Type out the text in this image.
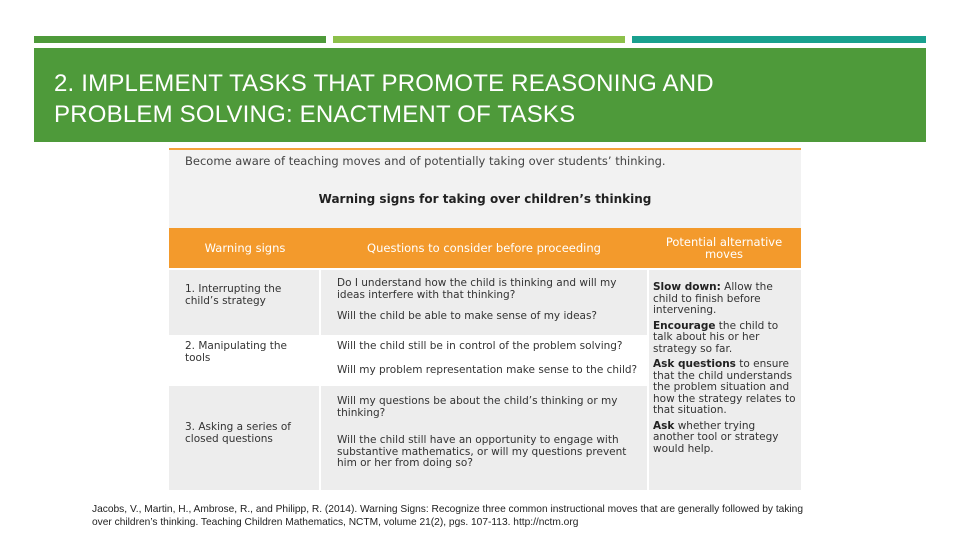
2. IMPLEMENT TASKS THAT PROMOTE REASONING AND
PROBLEM SOLVING: ENACTMENT OF TASKS
Become aware of teaching moves and of potentially taking over students’ thinking.
Warning signs for taking over children’s thinking
Warning signs	Questions to consider before proceeding	Potential alternative moves
1. Interrupting the child’s strategy
Do I understand how the child is thinking and will my ideas interfere with that thinking?
Will the child be able to make sense of my ideas?
2. Manipulating the tools
Will the child still be in control of the problem solving?
Will my problem representation make sense to the child?
3. Asking a series of closed questions
Will my questions be about the child’s thinking or my thinking?
Will the child still have an opportunity to engage with substantive mathematics, or will my questions prevent him or her from doing so?
Slow down: Allow the child to finish before intervening.
Encourage the child to talk about his or her strategy so far.
Ask questions to ensure that the child understands the problem situation and how the strategy relates to that situation.
Ask whether trying another tool or strategy would help.
Jacobs, V., Martin, H., Ambrose, R., and Philipp, R. (2014). Warning Signs: Recognize three common instructional moves that are generally followed by taking
over children’s thinking. Teaching Children Mathematics, NCTM, volume 21(2), pgs. 107-113. http://nctm.org
